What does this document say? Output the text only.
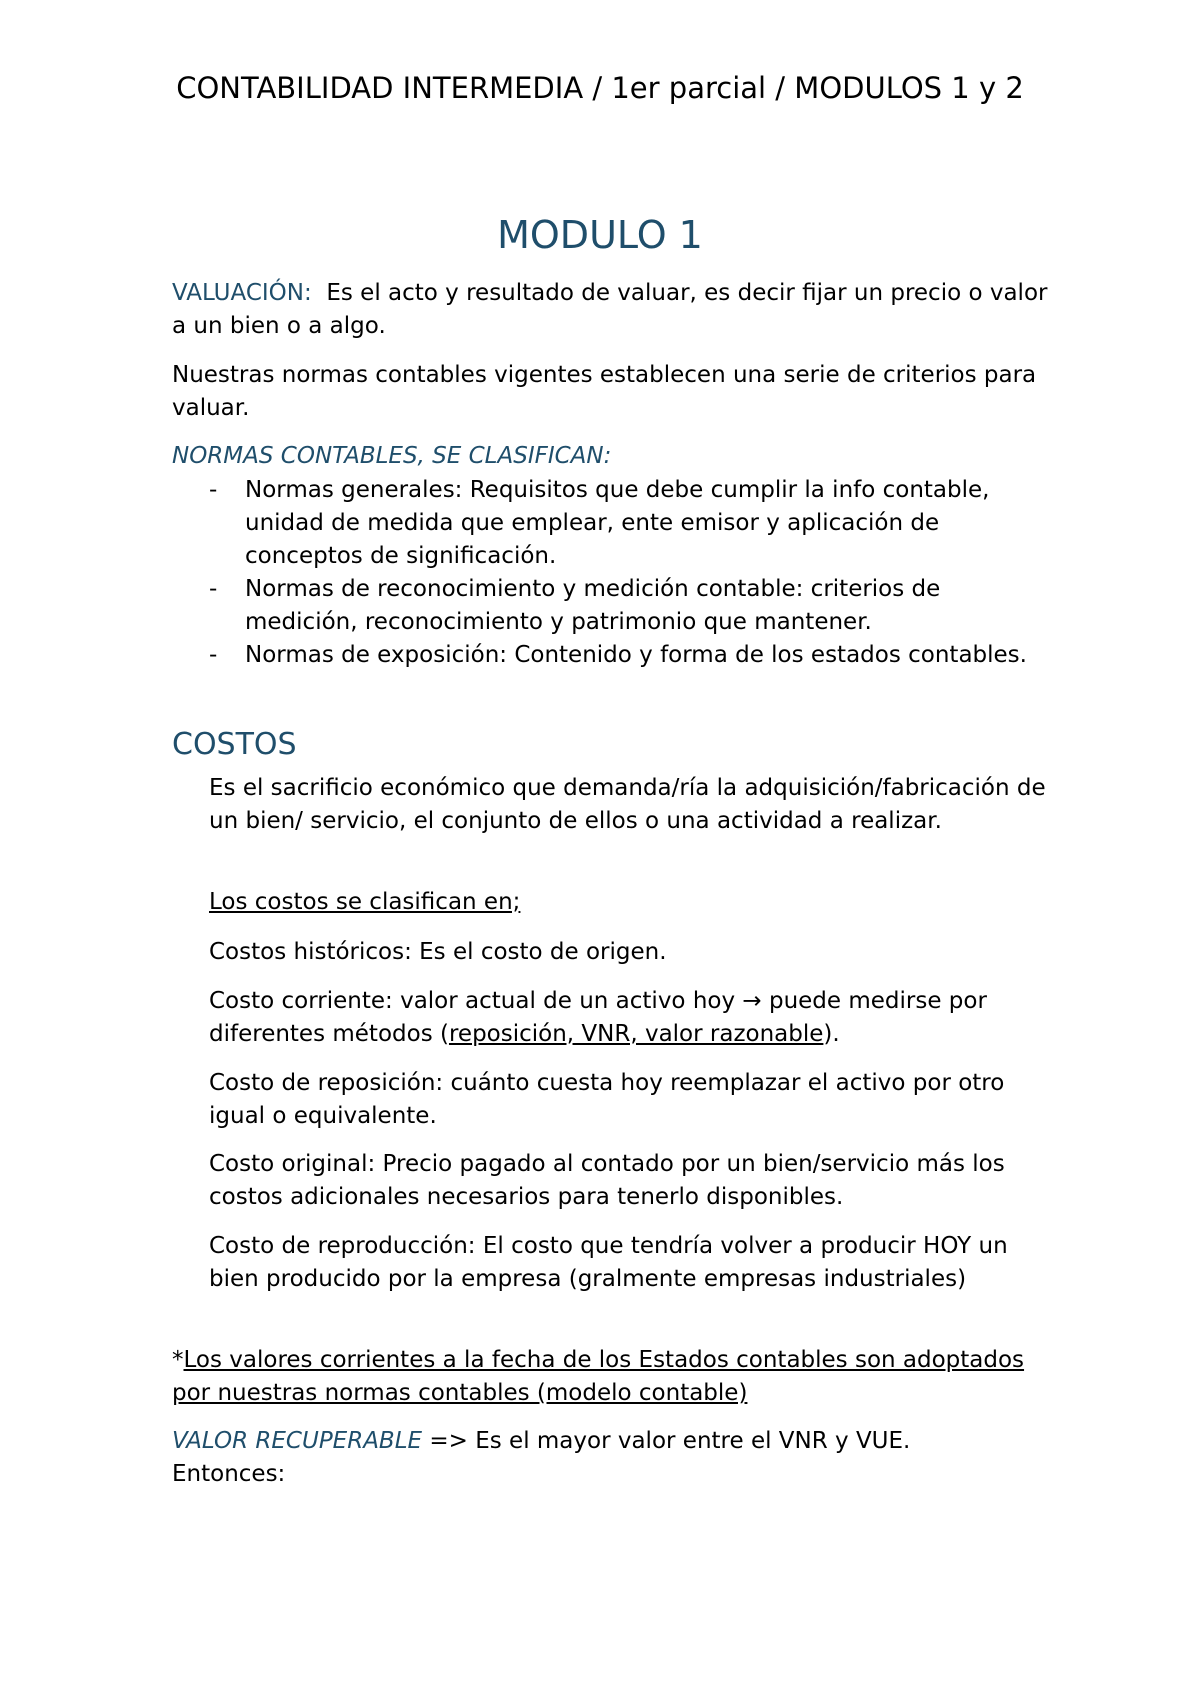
CONTABILIDAD INTERMEDIA / 1er parcial / MODULOS 1 y 2
MODULO 1

VALUACIÓN: Es el acto y resultado de valuar, es decir fijar un precio o valor a un bien o a algo.

Nuestras normas contables vigentes establecen una serie de criterios para valuar.

NORMAS CONTABLES, SE CLASIFICAN:

- Normas generales: Requisitos que debe cumplir la info contable, unidad de medida que emplear, ente emisor y aplicación de conceptos de significación.
- Normas de reconocimiento y medición contable: criterios de medición, reconocimiento y patrimonio que mantener.
- Normas de exposición: Contenido y forma de los estados contables.
COSTOS

Es el sacrificio económico que demanda/ría la adquisición/fabricación de un bien/ servicio, el conjunto de ellos o una actividad a realizar.

Los costos se clasifican en;

Costos históricos: Es el costo de origen.

Costo corriente: valor actual de un activo hoy → puede medirse por diferentes métodos (reposición, VNR, valor razonable).

Costo de reposición: cuánto cuesta hoy reemplazar el activo por otro igual o equivalente.

Costo original: Precio pagado al contado por un bien/servicio más los costos adicionales necesarios para tenerlo disponibles.

Costo de reproducción: El costo que tendría volver a producir HOY un bien producido por la empresa (gralmente empresas industriales)

*Los valores corrientes a la fecha de los Estados contables son adoptados por nuestras normas contables (modelo contable)

VALOR RECUPERABLE => Es el mayor valor entre el VNR y VUE.
Entonces:
